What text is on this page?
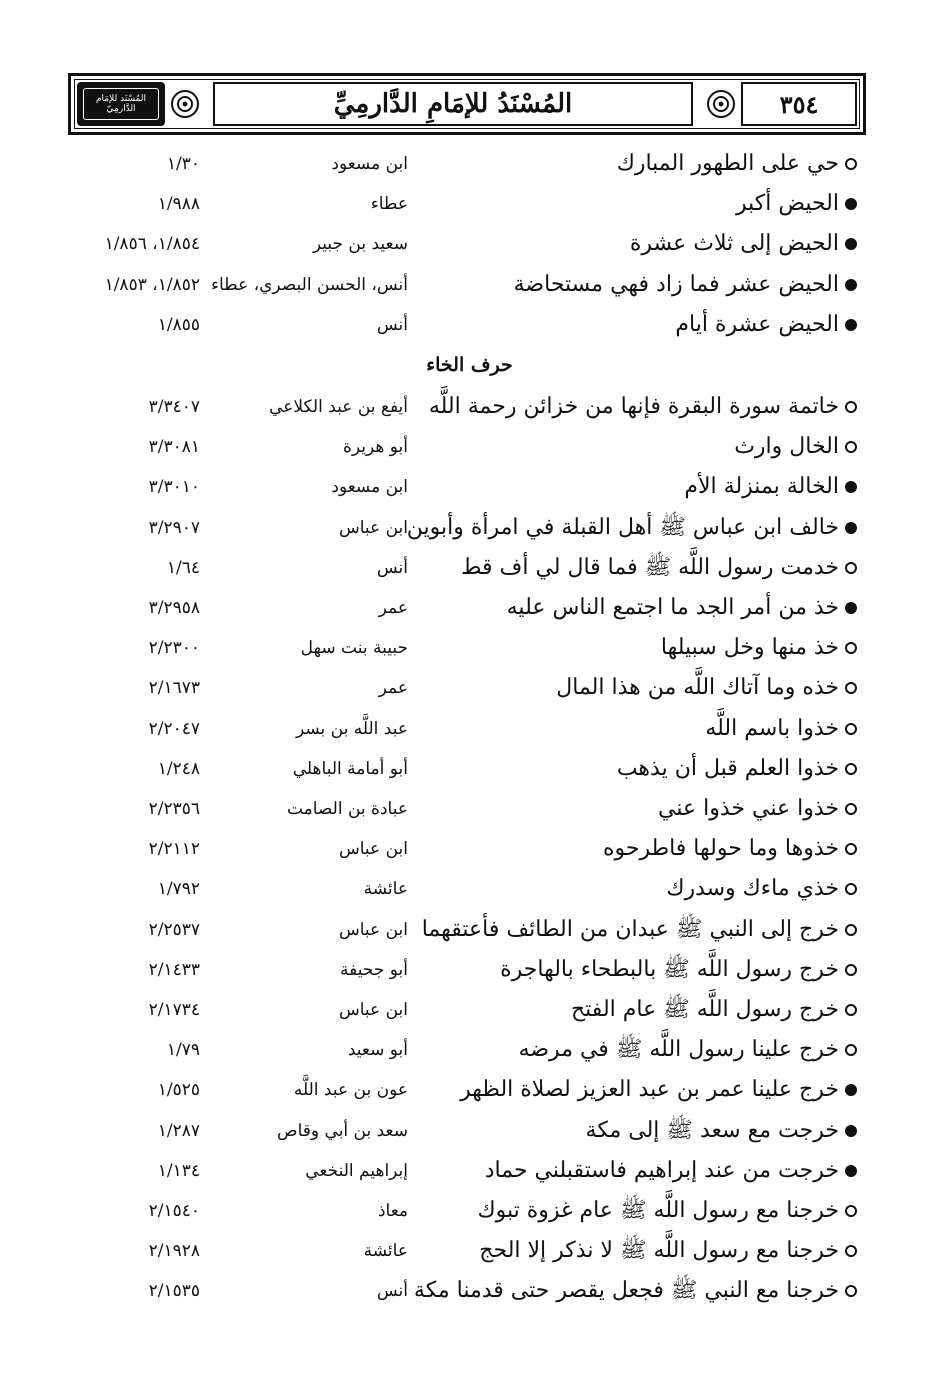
المُسْنَد للإمَام الدَّارمِيّ	المُسْنَدُ للإمَامِ الدَّارمِيِّ	٣٥٤
حرف الخاء
حي على الطهور المبارك
ابن مسعود
١/٣٠
الحيض أكبر
عطاء
١/٩٨٨
الحيض إلى ثلاث عشرة
سعيد بن جبير
١/٨٥٤، ١/٨٥٦
الحيض عشر فما زاد فهي مستحاضة
أنس، الحسن البصري، عطاء
١/٨٥٢، ١/٨٥٣
الحيض عشرة أيام
أنس
١/٨٥٥
خاتمة سورة البقرة فإنها من خزائن رحمة اللَّه
أيفع بن عبد الكلاعي
٣/٣٤٠٧
الخال وارث
أبو هريرة
٣/٣٠٨١
الخالة بمنزلة الأم
ابن مسعود
٣/٣٠١٠
خالف ابن عباس ﷺ أهل القبلة في امرأة وأبوين
ابن عباس
٣/٢٩٠٧
خدمت رسول اللَّه ﷺ فما قال لي أف قط
أنس
١/٦٤
خذ من أمر الجد ما اجتمع الناس عليه
عمر
٣/٢٩٥٨
خذ منها وخل سبيلها
حبيبة بنت سهل
٢/٢٣٠٠
خذه وما آتاك اللَّه من هذا المال
عمر
٢/١٦٧٣
خذوا باسم اللَّه
عبد اللَّه بن بسر
٢/٢٠٤٧
خذوا العلم قبل أن يذهب
أبو أمامة الباهلي
١/٢٤٨
خذوا عني خذوا عني
عبادة بن الصامت
٢/٢٣٥٦
خذوها وما حولها فاطرحوه
ابن عباس
٢/٢١١٢
خذي ماءك وسدرك
عائشة
١/٧٩٢
خرج إلى النبي ﷺ عبدان من الطائف فأعتقهما
ابن عباس
٢/٢٥٣٧
خرج رسول اللَّه ﷺ بالبطحاء بالهاجرة
أبو جحيفة
٢/١٤٣٣
خرج رسول اللَّه ﷺ عام الفتح
ابن عباس
٢/١٧٣٤
خرج علينا رسول اللَّه ﷺ في مرضه
أبو سعيد
١/٧٩
خرج علينا عمر بن عبد العزيز لصلاة الظهر
عون بن عبد اللَّه
١/٥٢٥
خرجت مع سعد ﷺ إلى مكة
سعد بن أبي وقاص
١/٢٨٧
خرجت من عند إبراهيم فاستقبلني حماد
إبراهيم النخعي
١/١٣٤
خرجنا مع رسول اللَّه ﷺ عام غزوة تبوك
معاذ
٢/١٥٤٠
خرجنا مع رسول اللَّه ﷺ لا نذكر إلا الحج
عائشة
٢/١٩٢٨
خرجنا مع النبي ﷺ فجعل يقصر حتى قدمنا مكة
أنس
٢/١٥٣٥
